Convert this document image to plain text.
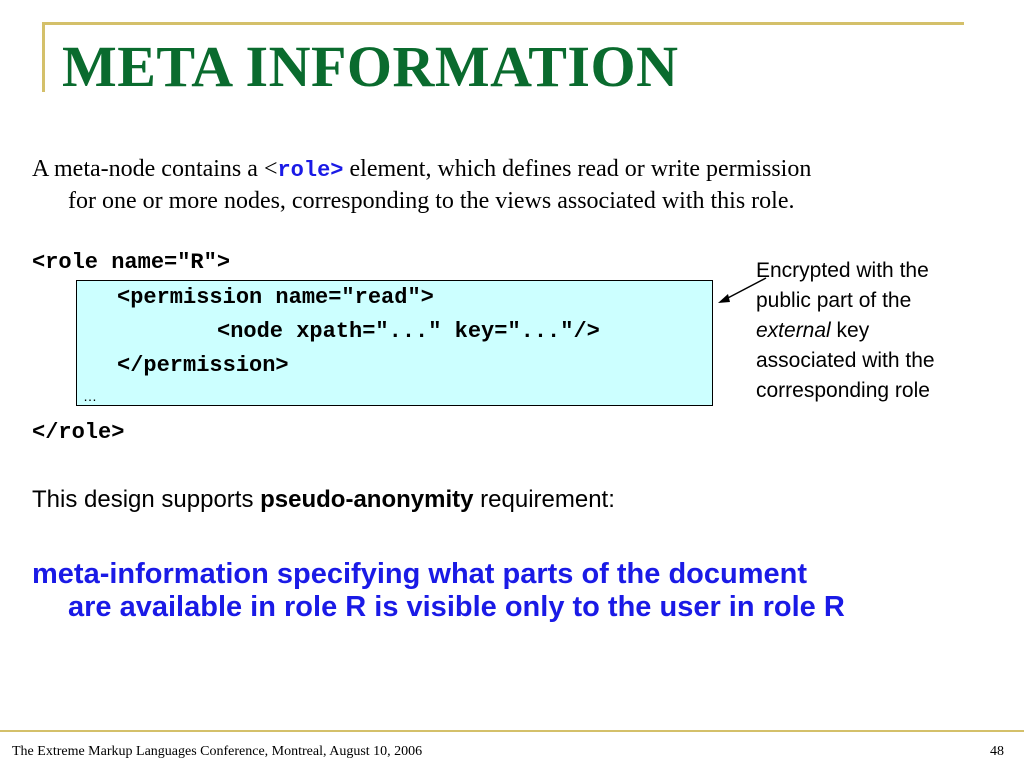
META INFORMATION
A meta-node contains a <role> element, which defines read or write permission
for one or more nodes, corresponding to the views associated with this role.
<role name="R">
<permission name="read">
<node xpath="..." key="..."/>
</permission>
…
</role>
Encrypted with the
public part of the
external key
associated with the
corresponding role
This design supports pseudo-anonymity requirement:
meta-information specifying what parts of the document
are available in role R is visible only to the user in role R
The Extreme Markup Languages Conference, Montreal, August 10, 2006	48
